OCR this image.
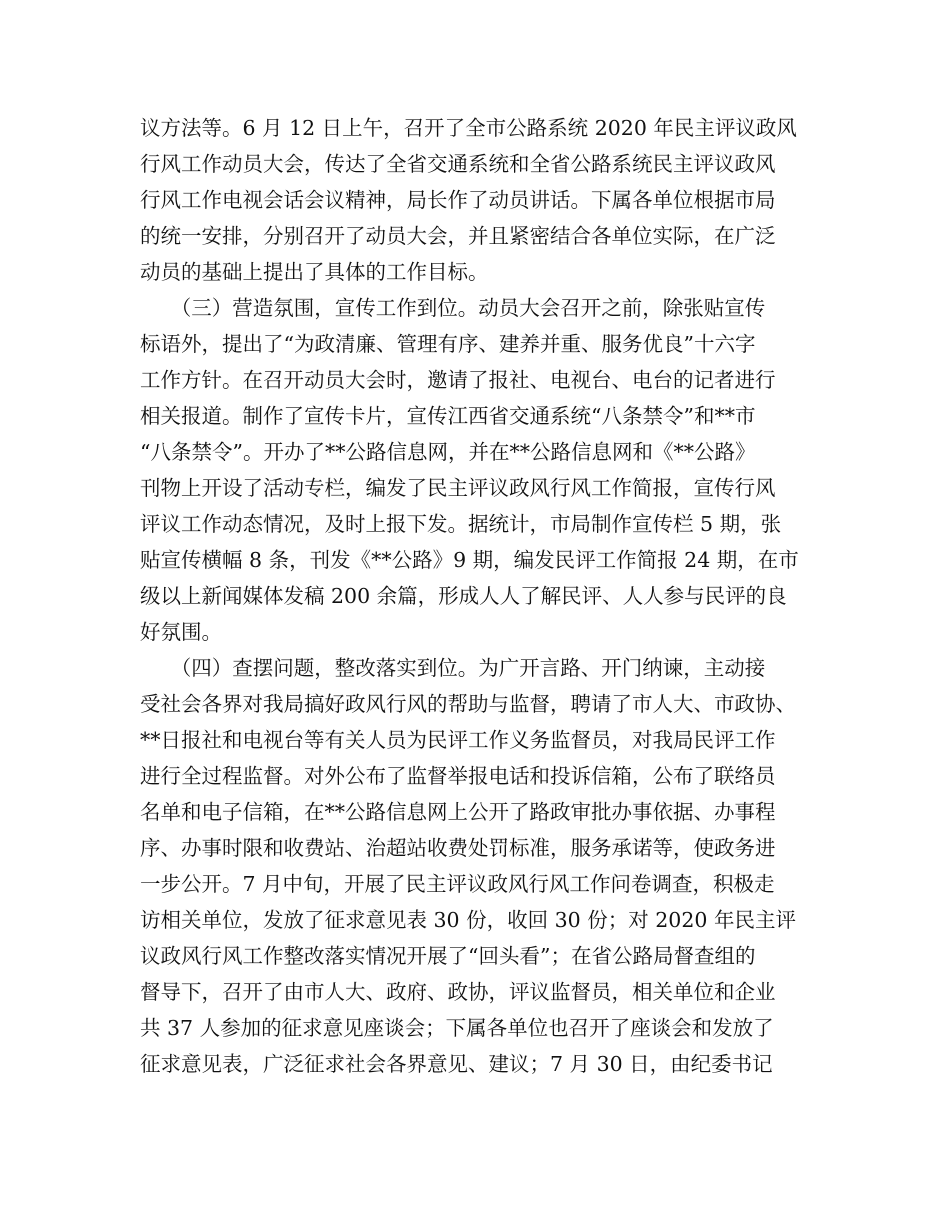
议方法等。6 月 12 日上午，召开了全市公路系统 2020 年民主评议政风
行风工作动员大会，传达了全省交通系统和全省公路系统民主评议政风
行风工作电视会话会议精神，局长作了动员讲话。下属各单位根据市局
的统一安排，分别召开了动员大会，并且紧密结合各单位实际，在广泛
动员的基础上提出了具体的工作目标。
　　（三）营造氛围，宣传工作到位。动员大会召开之前，除张贴宣传
标语外，提出了“为政清廉、管理有序、建养并重、服务优良”十六字
工作方针。在召开动员大会时，邀请了报社、电视台、电台的记者进行
相关报道。制作了宣传卡片，宣传江西省交通系统“八条禁令”和**市
“八条禁令”。开办了**公路信息网，并在**公路信息网和《**公路》
刊物上开设了活动专栏，编发了民主评议政风行风工作简报，宣传行风
评议工作动态情况，及时上报下发。据统计，市局制作宣传栏 5 期，张
贴宣传横幅 8 条，刊发《**公路》9 期，编发民评工作简报 24 期，在市
级以上新闻媒体发稿 200 余篇，形成人人了解民评、人人参与民评的良
好氛围。
　　（四）查摆问题，整改落实到位。为广开言路、开门纳谏，主动接
受社会各界对我局搞好政风行风的帮助与监督，聘请了市人大、市政协、
**日报社和电视台等有关人员为民评工作义务监督员，对我局民评工作
进行全过程监督。对外公布了监督举报电话和投诉信箱，公布了联络员
名单和电子信箱，在**公路信息网上公开了路政审批办事依据、办事程
序、办事时限和收费站、治超站收费处罚标准，服务承诺等，使政务进
一步公开。7 月中旬，开展了民主评议政风行风工作问卷调查，积极走
访相关单位，发放了征求意见表 30 份，收回 30 份；对 2020 年民主评
议政风行风工作整改落实情况开展了“回头看”；在省公路局督查组的
督导下，召开了由市人大、政府、政协，评议监督员，相关单位和企业
共 37 人参加的征求意见座谈会；下属各单位也召开了座谈会和发放了
征求意见表，广泛征求社会各界意见、建议；7 月 30 日，由纪委书记
